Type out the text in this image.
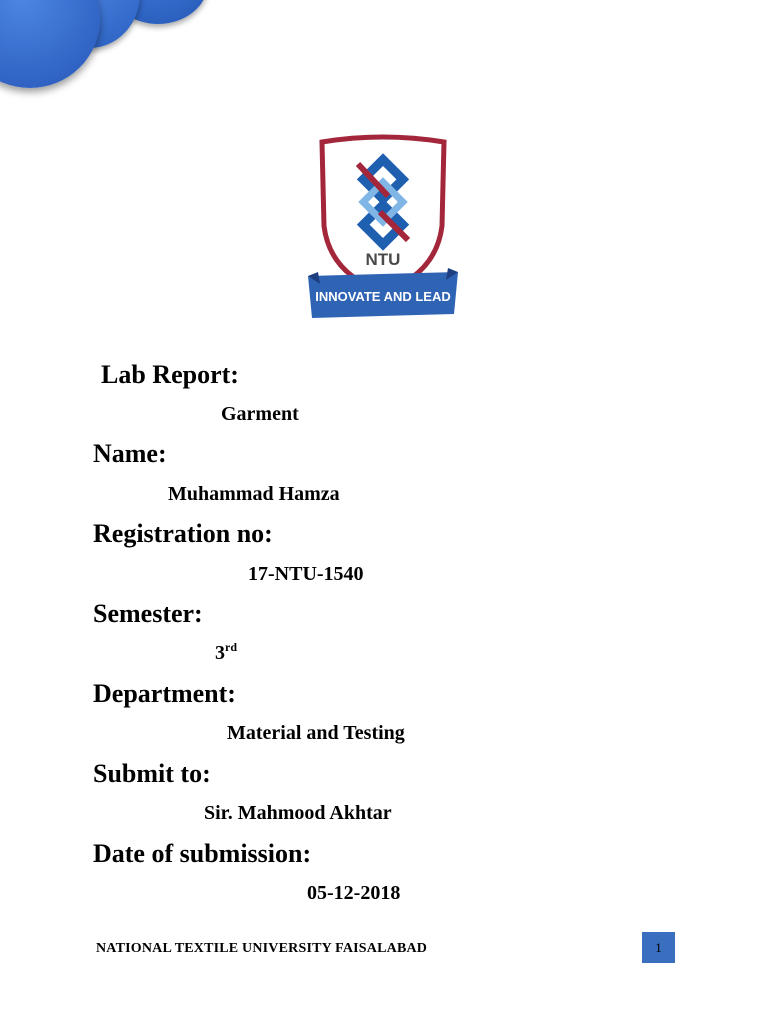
NTU
INNOVATE AND LEAD
Lab Report:
Garment
Name:
Muhammad Hamza
Registration no:
17-NTU-1540
Semester:
3rd
Department:
Material and Testing
Submit to:
Sir. Mahmood Akhtar
Date of submission:
05-12-2018
NATIONAL TEXTILE UNIVERSITY FAISALABAD	1
